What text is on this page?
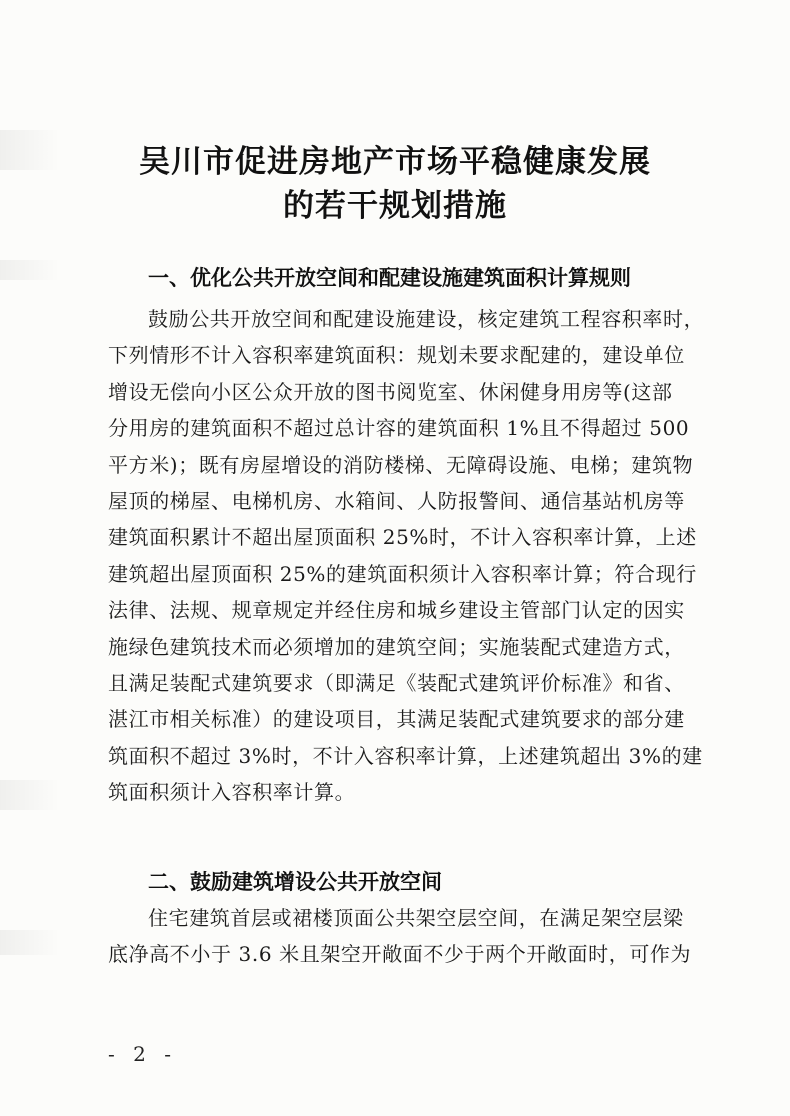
吴川市促进房地产市场平稳健康发展
的若干规划措施
一、优化公共开放空间和配建设施建筑面积计算规则
鼓励公共开放空间和配建设施建设，核定建筑工程容积率时，
下列情形不计入容积率建筑面积：规划未要求配建的，建设单位
增设无偿向小区公众开放的图书阅览室、休闲健身用房等(这部
分用房的建筑面积不超过总计容的建筑面积 1%且不得超过 500
平方米)；既有房屋增设的消防楼梯、无障碍设施、电梯；建筑物
屋顶的梯屋、电梯机房、水箱间、人防报警间、通信基站机房等
建筑面积累计不超出屋顶面积 25%时，不计入容积率计算，上述
建筑超出屋顶面积 25%的建筑面积须计入容积率计算；符合现行
法律、法规、规章规定并经住房和城乡建设主管部门认定的因实
施绿色建筑技术而必须增加的建筑空间；实施装配式建造方式，
且满足装配式建筑要求（即满足《装配式建筑评价标准》和省、
湛江市相关标准）的建设项目，其满足装配式建筑要求的部分建
筑面积不超过 3%时，不计入容积率计算，上述建筑超出 3%的建
筑面积须计入容积率计算。
二、鼓励建筑增设公共开放空间
住宅建筑首层或裙楼顶面公共架空层空间，在满足架空层梁
底净高不小于 3.6 米且架空开敞面不少于两个开敞面时，可作为
- 2 -
